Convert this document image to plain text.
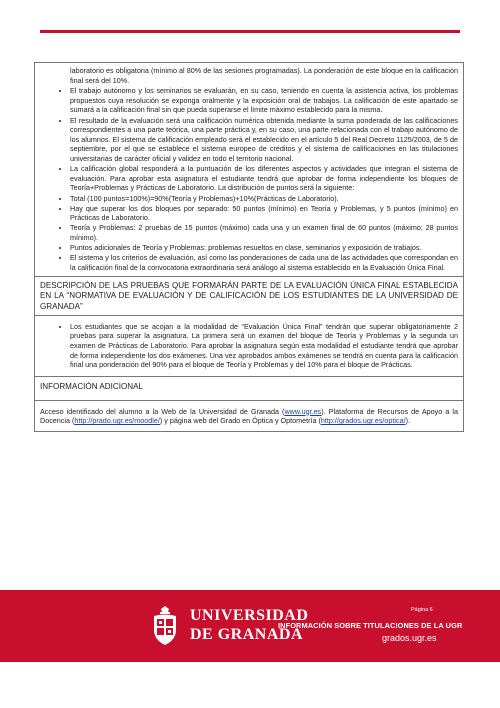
laboratorio es obligatoria (mínimo al 80% de las sesiones programadas). La ponderación de este bloque en la calificación final será del 10%.

• El trabajo autónomo y los seminarios se evaluarán, en su caso, teniendo en cuenta la asistencia activa, los problemas propuestos cuya resolución se exponga oralmente y la exposición oral de trabajos. La calificación de este apartado se sumará a la calificación final sin que pueda superarse el límite máximo establecido para la misma.
• El resultado de la evaluación será una calificación numérica obtenida mediante la suma ponderada de las calificaciones correspondientes a una parte teórica, una parte práctica y, en su caso, una parte relacionada con el trabajo autónomo de los alumnos. El sistema de calificación empleado será el establecido en el artículo 5 del Real Decreto 1125/2003, de 5 de septiembre, por el que se establece el sistema europeo de créditos y el sistema de calificaciones en las titulaciones universitarias de carácter oficial y validez en todo el territorio nacional.
• La calificación global responderá a la puntuación de los diferentes aspectos y actividades que integran el sistema de evaluación. Para aprobar esta asignatura el estudiante tendrá que aprobar de forma independiente los bloques de Teoría+Problemas y Prácticas de Laboratorio. La distribución de puntos será la siguiente:
• Total (100 puntos=100%)=90%(Teoría y Problemas)+10%(Prácticas de Laboratorio).
• Hay que superar los dos bloques por separado: 50 puntos (mínimo) en Teoría y Problemas, y 5 puntos (mínimo) en Prácticas de Laboratorio.
• Teoría y Problemas: 2 pruebas de 15 puntos (máximo) cada una y un examen final de 60 puntos (máximo; 28 puntos mínimo).
• Puntos adicionales de Teoría y Problemas: problemas resueltos en clase, seminarios y exposición de trabajos.
• El sistema y los criterios de evaluación, así como las ponderaciones de cada una de las actividades que correspondan en la calificación final de la convocatoria extraordinaria será análogo al sistema establecido en la Evaluación Única Final.
DESCRIPCIÓN DE LAS PRUEBAS QUE FORMARÁN PARTE DE LA EVALUACIÓN ÚNICA FINAL ESTABLECIDA EN LA “NORMATIVA DE EVALUACIÓN Y DE CALIFICACIÓN DE LOS ESTUDIANTES DE LA UNIVERSIDAD DE GRANADA”
• Los estudiantes que se acojan a la modalidad de “Evaluación Única Final” tendrán que superar obligatoriamente 2 pruebas para superar la asignatura. La primera será un examen del bloque de Teoría y Problemas y la segunda un examen de Prácticas de Laboratorio. Para aprobar la asignatura según esta modalidad el estudiante tendrá que aprobar de forma independiente los dos exámenes. Una vez aprobados ambos exámenes se tendrá en cuenta para la calificación final una ponderación del 90% para el bloque de Teoría y Problemas y del 10% para el bloque de Prácticas.
INFORMACIÓN ADICIONAL

Acceso identificado del alumno a la Web de la Universidad de Granada (www.ugr.es). Plataforma de Recursos de Apoyo a la Docencia (http://prado.ugr.es/moodle/) y página web del Grado en Óptica y Optometría (http://grados.ugr.es/optica/).

UNIVERSIDAD
DE GRANADA
Página 6
INFORMACIÓN SOBRE TITULACIONES DE LA UGR
grados.ugr.es
